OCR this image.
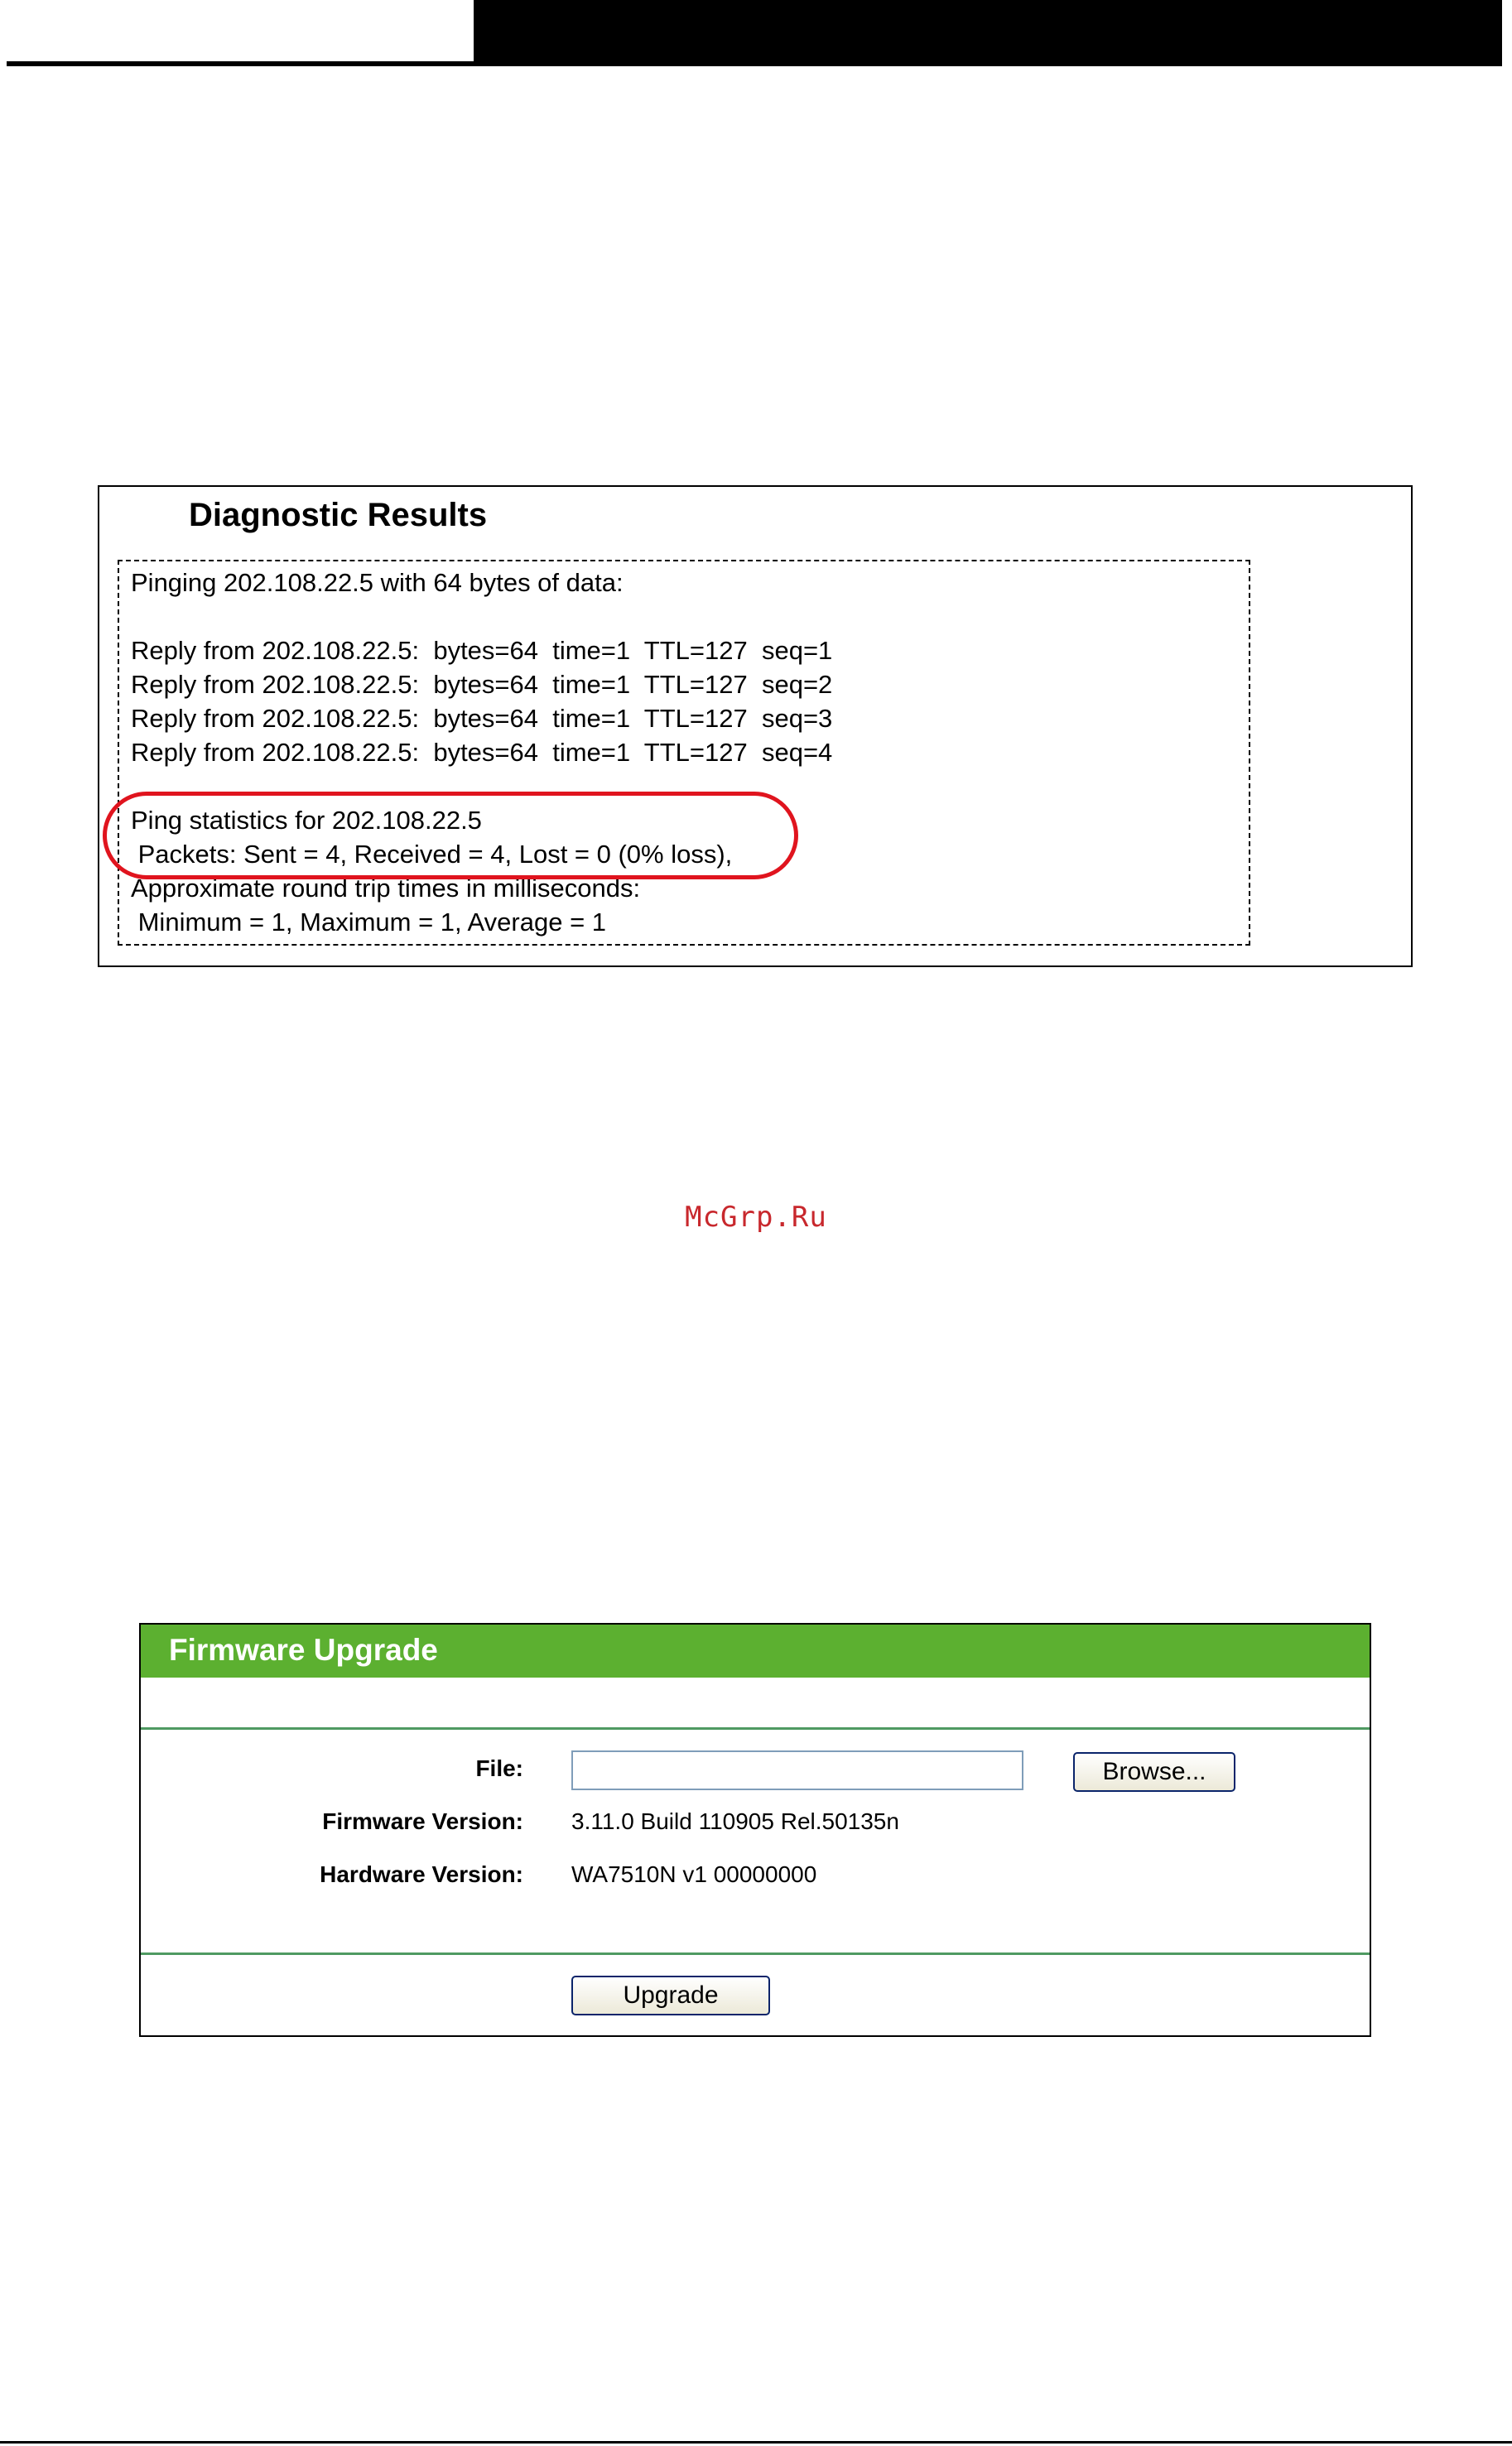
Diagnostic Results
Pinging 202.108.22.5 with 64 bytes of data:
Reply from 202.108.22.5:  bytes=64  time=1  TTL=127  seq=1
Reply from 202.108.22.5:  bytes=64  time=1  TTL=127  seq=2
Reply from 202.108.22.5:  bytes=64  time=1  TTL=127  seq=3
Reply from 202.108.22.5:  bytes=64  time=1  TTL=127  seq=4
Ping statistics for 202.108.22.5
Packets: Sent = 4, Received = 4, Lost = 0 (0% loss),
Approximate round trip times in milliseconds:
Minimum = 1, Maximum = 1, Average = 1
McGrp.Ru
Firmware Upgrade
File:	Browse...
Firmware Version: 3.11.0 Build 110905 Rel.50135n
Hardware Version: WA7510N v1 00000000
Upgrade
